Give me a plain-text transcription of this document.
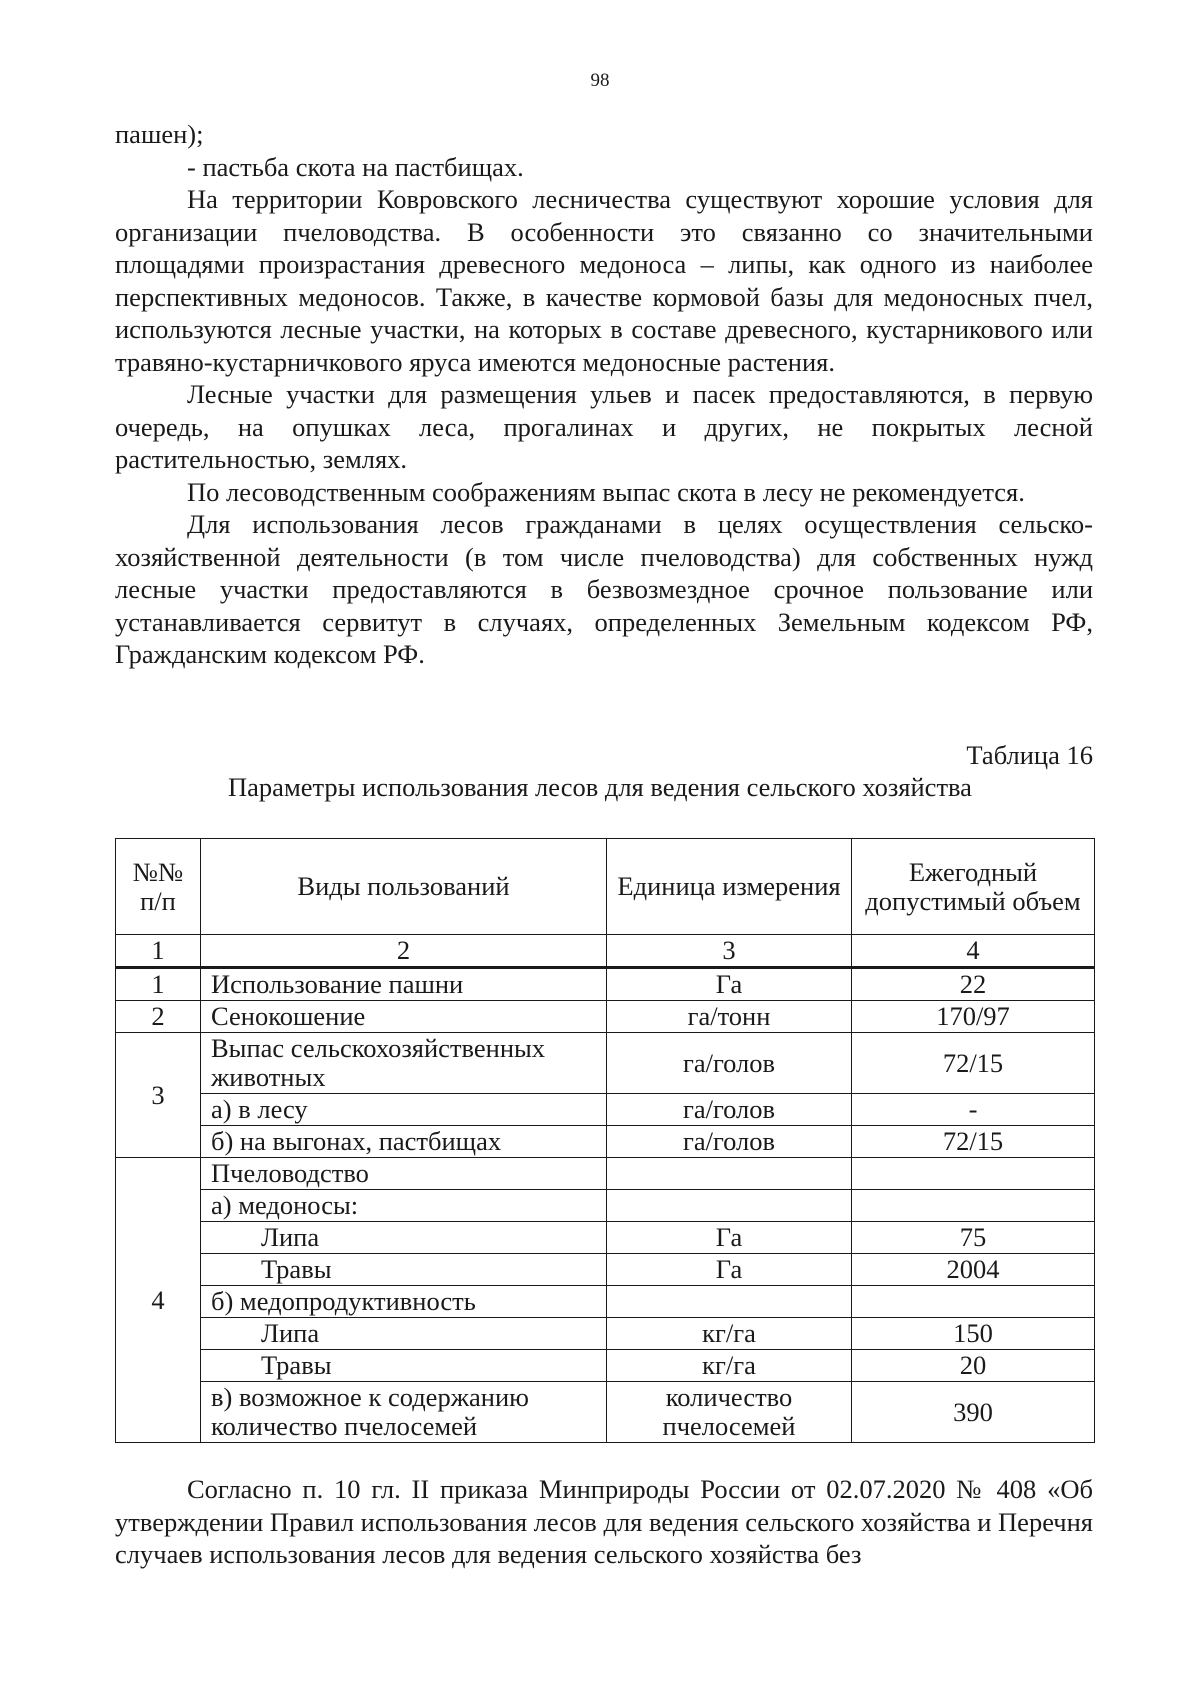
98

пашен);

- пастьба скота на пастбищах.

На территории Ковровского лесничества существуют хорошие условия для организации пчеловодства. В особенности это связанно со значительными площадями произрастания древесного медоноса – липы, как одного из наиболее перспективных медоносов. Также, в качестве кормовой базы для медоносных пчел, используются лесные участки, на которых в составе древесного, кустарникового или травяно-кустарничкового яруса имеются медоносные растения.

Лесные участки для размещения ульев и пасек предоставляются, в первую очередь, на опушках леса, прогалинах и других, не покрытых лесной растительностью, землях.

По лесоводственным соображениям выпас скота в лесу не рекомендуется.

Для использования лесов гражданами в целях осуществления сельско-хозяйственной деятельности (в том числе пчеловодства) для собственных нужд лесные участки предоставляются в безвозмездное срочное пользование или устанавливается сервитут в случаях, определенных Земельным кодексом РФ, Гражданским кодексом РФ.

Таблица 16
Параметры использования лесов для ведения сельского хозяйства
№№ п/п	Виды пользований	Единица измерения	Ежегодный допустимый объем
1	2	3	4
1	Использование пашни	Га	22
2	Сенокошение	га/тонн	170/97
3	Выпас сельскохозяйственных животных	га/голов	72/15
	а) в лесу	га/голов	-
	б) на выгонах, пастбищах	га/голов	72/15
4	Пчеловодство		
	а) медоносы:		
	Липа	Га	75
	Травы	Га	2004
	б) медопродуктивность		
	Липа	кг/га	150
	Травы	кг/га	20
	в) возможное к содержанию количество пчелосемей	количество пчелосемей	390

Согласно п. 10 гл. II приказа Минприроды России от 02.07.2020 № 408 «Об утверждении Правил использования лесов для ведения сельского хозяйства и Перечня случаев использования лесов для ведения сельского хозяйства без
